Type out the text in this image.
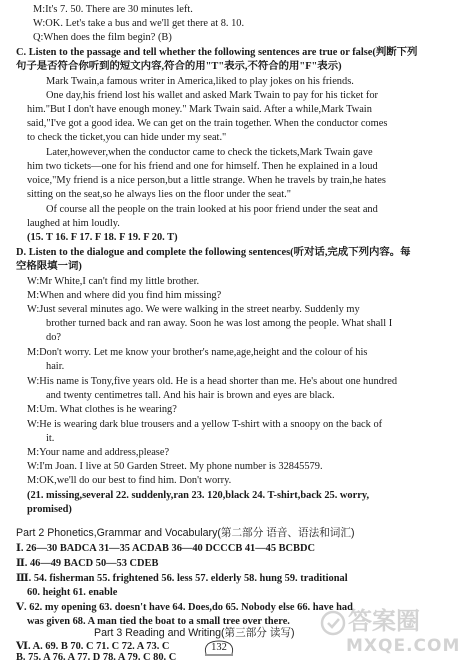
M:It's 7. 50. There are 30 minutes left.
W:OK. Let's take a bus and we'll get there at 8. 10.
Q:When does the film begin? (B)
C. Listen to the passage and tell whether the following sentences are true or false(判断下列
句子是否符合你听到的短文内容,符合的用"T"表示,不符合的用"F"表示)
Mark Twain,a famous writer in America,liked to play jokes on his friends.
One day,his friend lost his wallet and asked Mark Twain to pay for his ticket for
him."But I don't have enough money." Mark Twain said. After a while,Mark Twain
said,"I've got a good idea. We can get on the train together. When the conductor comes
to check the ticket,you can hide under my seat."
Later,however,when the conductor came to check the tickets,Mark Twain gave
him two tickets—one for his friend and one for himself. Then he explained in a loud
voice,"My friend is a nice person,but a little strange. When he travels by train,he hates
sitting on the seat,so he always lies on the floor under the seat."
Of course all the people on the train looked at his poor friend under the seat and
laughed at him loudly.
(15. T 16. F 17. F 18. F 19. F 20. T)
D. Listen to the dialogue and complete the following sentences(听对话,完成下列内容。每
空格限填一词)
W:Mr White,I can't find my little brother.
M:When and where did you find him missing?
W:Just several minutes ago. We were walking in the street nearby. Suddenly my
brother turned back and ran away. Soon he was lost among the people. What shall I
do?
M:Don't worry. Let me know your brother's name,age,height and the colour of his
hair.
W:His name is Tony,five years old. He is a head shorter than me. He's about one hundred
and twenty centimetres tall. And his hair is brown and eyes are black.
M:Um. What clothes is he wearing?
W:He is wearing dark blue trousers and a yellow T-shirt with a snoopy on the back of
it.
M:Your name and address,please?
W:I'm Joan. I live at 50 Garden Street. My phone number is 32845579.
M:OK,we'll do our best to find him. Don't worry.
(21. missing,several 22. suddenly,ran 23. 120,black 24. T-shirt,back 25. worry,
promised)
Part 2 Phonetics,Grammar and Vocabulary(第二部分 语音、语法和词汇)
Ⅰ. 26—30 BADCA 31—35 ACDAB 36—40 DCCCB 41—45 BCBDC
Ⅱ. 46—49 BACD 50—53 CDEB
Ⅲ. 54. fisherman 55. frightened 56. less 57. elderly 58. hung 59. traditional
60. height 61. enable
Ⅴ. 62. my opening 63. doesn't have 64. Does,do 65. Nobody else 66. have had
was given 68. A man tied the boat to a small tree over there.
Part 3 Reading and Writing(第三部分 读写)
Ⅵ. A. 69. B 70. C 71. C 72. A 73. C
B. 75. A 76. A 77. D 78. A 79. C 80. C
答案圈
MXQE.COM
132
